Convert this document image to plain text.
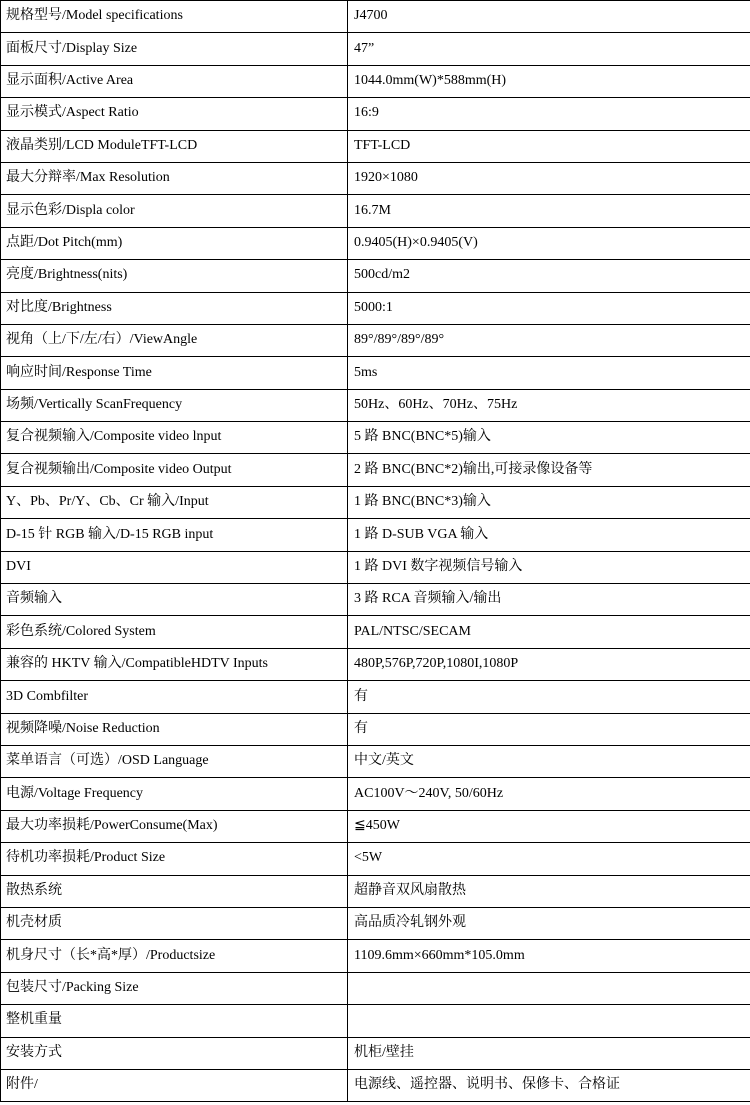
规格型号/Model specifications	J4700
面板尺寸/Display Size	47”
显示面积/Active Area	1044.0mm(W)*588mm(H)
显示模式/Aspect Ratio	16:9
液晶类别/LCD ModuleTFT-LCD	TFT-LCD
最大分辩率/Max Resolution	1920×1080
显示色彩/Displa color	16.7M
点距/Dot Pitch(mm)	0.9405(H)×0.9405(V)
亮度/Brightness(nits)	500cd/m2
对比度/Brightness	5000:1
视角（上/下/左/右）/ViewAngle	89°/89°/89°/89°
响应时间/Response Time	5ms
场频/Vertically ScanFrequency	50Hz、60Hz、70Hz、75Hz
复合视频输入/Composite video lnput	5 路 BNC(BNC*5)输入
复合视频输出/Composite video Output	2 路 BNC(BNC*2)输出,可接录像设备等
Y、Pb、Pr/Y、Cb、Cr 输入/Input	1 路 BNC(BNC*3)输入
D-15 针 RGB 输入/D-15 RGB input	1 路 D-SUB VGA 输入
DVI	1 路 DVI 数字视频信号输入
音频输入	3 路 RCA 音频输入/输出
彩色系统/Colored System	PAL/NTSC/SECAM
兼容的 HKTV 输入/CompatibleHDTV Inputs	480P,576P,720P,1080I,1080P
3D Combfilter	有
视频降噪/Noise Reduction	有
菜单语言（可选）/OSD Language	中文/英文
电源/Voltage Frequency	AC100V～240V, 50/60Hz
最大功率损耗/PowerConsume(Max)	≦450W
待机功率损耗/Product Size	<5W
散热系统	超静音双风扇散热
机壳材质	高品质冷轧钢外观
机身尺寸（长*高*厚）/Productsize	1109.6mm×660mm*105.0mm
包装尺寸/Packing Size	
整机重量	
安装方式	机柜/壁挂
附件/	电源线、遥控器、说明书、保修卡、合格证
